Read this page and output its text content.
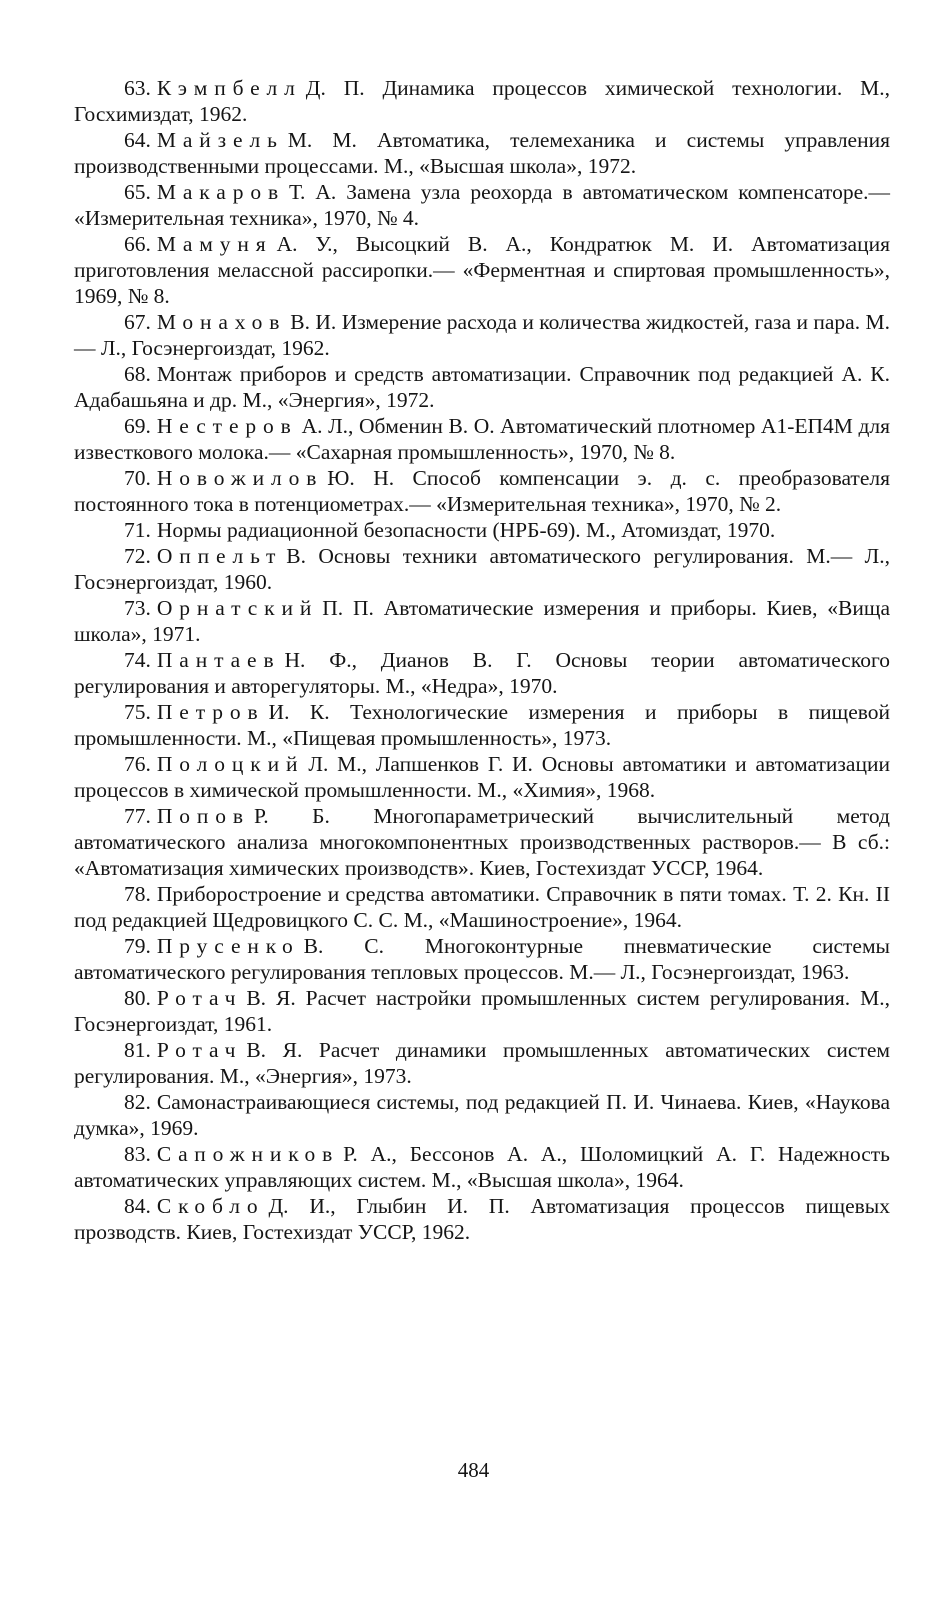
63. Кэмпбелл Д. П. Динамика процессов химической технологии. М., Госхимиздат, 1962.

64. Майзель М. М. Автоматика, телемеханика и системы управления производственными процессами. М., «Высшая школа», 1972.

65. Макаров Т. А. Замена узла реохорда в автоматическом компенсаторе.— «Измерительная техника», 1970, № 4.

66. Мамуня А. У., Высоцкий В. А., Кондратюк М. И. Автоматизация приготовления мелассной рассиропки.— «Ферментная и спиртовая промышленность», 1969, № 8.

67. Монахов В. И. Измерение расхода и количества жидкостей, газа и пара. М.— Л., Госэнергоиздат, 1962.

68. Монтаж приборов и средств автоматизации. Справочник под редакцией А. К. Адабашьяна и др. М., «Энергия», 1972.

69. Нестеров А. Л., Обменин В. О. Автоматический плотномер А1-ЕП4М для известкового молока.— «Сахарная промышленность», 1970, № 8.

70. Новожилов Ю. Н. Способ компенсации э. д. с. преобразователя постоянного тока в потенциометрах.— «Измерительная техника», 1970, № 2.

71. Нормы радиационной безопасности (НРБ-69). М., Атомиздат, 1970.

72. Оппельт В. Основы техники автоматического регулирования. М.— Л., Госэнергоиздат, 1960.

73. Орнатский П. П. Автоматические измерения и приборы. Киев, «Вища школа», 1971.

74. Пантаев Н. Ф., Дианов В. Г. Основы теории автоматического регулирования и авторегуляторы. М., «Недра», 1970.

75. Петров И. К. Технологические измерения и приборы в пищевой промышленности. М., «Пищевая промышленность», 1973.

76. Полоцкий Л. М., Лапшенков Г. И. Основы автоматики и автоматизации процессов в химической промышленности. М., «Химия», 1968.

77. Попов Р. Б. Многопараметрический вычислительный метод автоматического анализа многокомпонентных производственных растворов.— В сб.: «Автоматизация химических производств». Киев, Гостехиздат УССР, 1964.

78. Приборостроение и средства автоматики. Справочник в пяти томах. Т. 2. Кн. II под редакцией Щедровицкого С. С. М., «Машиностроение», 1964.

79. Прусенко В. С. Многоконтурные пневматические системы автоматического регулирования тепловых процессов. М.— Л., Госэнергоиздат, 1963.

80. Ротач В. Я. Расчет настройки промышленных систем регулирования. М., Госэнергоиздат, 1961.

81. Ротач В. Я. Расчет динамики промышленных автоматических систем регулирования. М., «Энергия», 1973.

82. Самонастраивающиеся системы, под редакцией П. И. Чинаева. Киев, «Наукова думка», 1969.

83. Сапожников Р. А., Бессонов А. А., Шоломицкий А. Г. Надежность автоматических управляющих систем. М., «Высшая школа», 1964.

84. Скобло Д. И., Глыбин И. П. Автоматизация процессов пищевых прозводств. Киев, Гостехиздат УССР, 1962.

484
